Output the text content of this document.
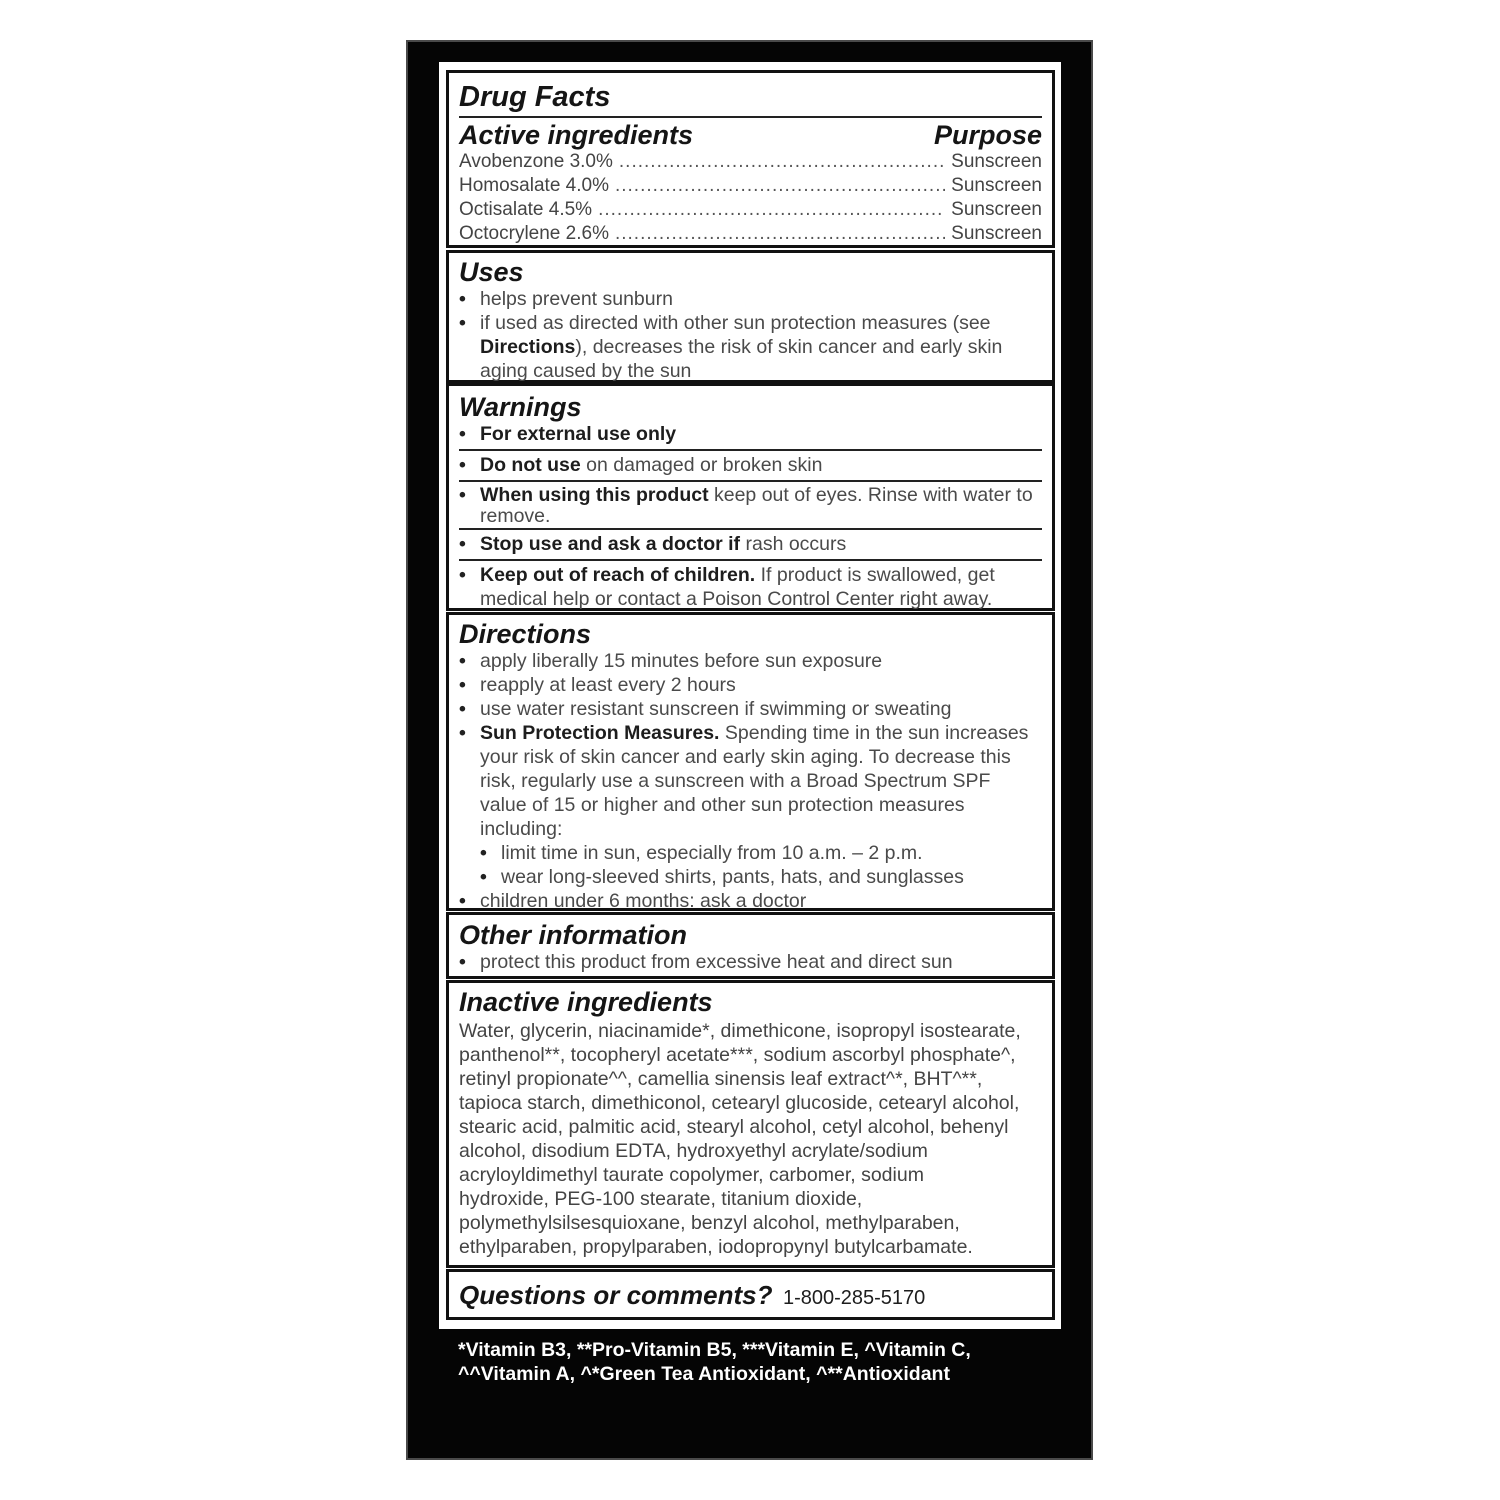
Drug Facts
Active ingredients	Purpose
Avobenzone 3.0% .....	Sunscreen
Homosalate 4.0% .....	Sunscreen
Octisalate 4.5% .....	Sunscreen
Octocrylene 2.6% .....	Sunscreen
Uses
• helps prevent sunburn
• if used as directed with other sun protection measures (see Directions), decreases the risk of skin cancer and early skin aging caused by the sun
Warnings
• For external use only
• Do not use on damaged or broken skin
• When using this product keep out of eyes. Rinse with water to remove.
• Stop use and ask a doctor if rash occurs
• Keep out of reach of children. If product is swallowed, get medical help or contact a Poison Control Center right away.
Directions
• apply liberally 15 minutes before sun exposure
• reapply at least every 2 hours
• use water resistant sunscreen if swimming or sweating
• Sun Protection Measures. Spending time in the sun increases your risk of skin cancer and early skin aging. To decrease this risk, regularly use a sunscreen with a Broad Spectrum SPF value of 15 or higher and other sun protection measures including:
• limit time in sun, especially from 10 a.m. – 2 p.m.
• wear long-sleeved shirts, pants, hats, and sunglasses
• children under 6 months: ask a doctor
Other information
• protect this product from excessive heat and direct sun
Inactive ingredients
Water, glycerin, niacinamide*, dimethicone, isopropyl isostearate,
panthenol**, tocopheryl acetate***, sodium ascorbyl phosphate^,
retinyl propionate^^, camellia sinensis leaf extract^*, BHT^**,
tapioca starch, dimethiconol, cetearyl glucoside, cetearyl alcohol,
stearic acid, palmitic acid, stearyl alcohol, cetyl alcohol, behenyl
alcohol, disodium EDTA, hydroxyethyl acrylate/sodium
acryloyldimethyl taurate copolymer, carbomer, sodium
hydroxide, PEG-100 stearate, titanium dioxide,
polymethylsilsesquioxane, benzyl alcohol, methylparaben,
ethylparaben, propylparaben, iodopropynyl butylcarbamate.
Questions or comments? 1-800-285-5170
*Vitamin B3, **Pro-Vitamin B5, ***Vitamin E, ^Vitamin C,
^^Vitamin A, ^*Green Tea Antioxidant, ^**Antioxidant
